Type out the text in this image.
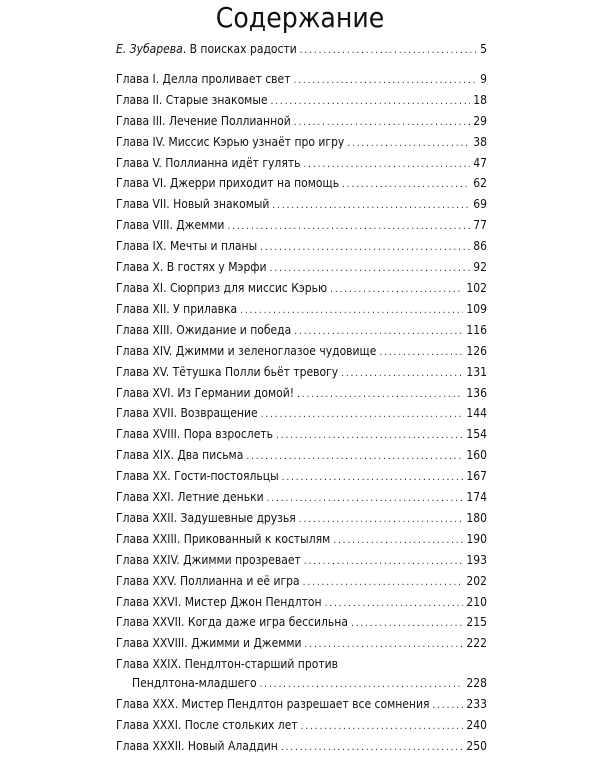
Содержание
Е. Зубарева. В поисках радости . . .	5
Глава I. Делла проливает свет . . .	9
Глава II. Старые знакомые . . .	18
Глава III. Лечение Поллианной . . .	29
Глава IV. Миссис Кэрью узнаёт про игру . . .	38
Глава V. Поллианна идёт гулять . . .	47
Глава VI. Джерри приходит на помощь . . .	62
Глава VII. Новый знакомый . . .	69
Глава VIII. Джемми . . .	77
Глава IX. Мечты и планы . . .	86
Глава X. В гостях у Мэрфи . . .	92
Глава XI. Сюрприз для миссис Кэрью . . .	102
Глава XII. У прилавка . . .	109
Глава XIII. Ожидание и победа . . .	116
Глава XIV. Джимми и зеленоглазое чудовище . . .	126
Глава XV. Тётушка Полли бьёт тревогу . . .	131
Глава XVI. Из Германии домой! . . .	136
Глава XVII. Возвращение . . .	144
Глава XVIII. Пора взрослеть . . .	154
Глава XIX. Два письма . . .	160
Глава XX. Гости-постояльцы . . .	167
Глава XXI. Летние деньки . . .	174
Глава XXII. Задушевные друзья . . .	180
Глава XXIII. Прикованный к костылям . . .	190
Глава XXIV. Джимми прозревает . . .	193
Глава XXV. Поллианна и её игра . . .	202
Глава XXVI. Мистер Джон Пендлтон . . .	210
Глава XXVII. Когда даже игра бессильна . . .	215
Глава XXVIII. Джимми и Джемми . . .	222
Глава XXIX. Пендлтон-старший против
Пендлтона-младшего . . .	228
Глава XXX. Мистер Пендлтон разрешает все сомнения . . .	233
Глава XXXI. После стольких лет . . .	240
Глава XXXII. Новый Аладдин . . .	250
